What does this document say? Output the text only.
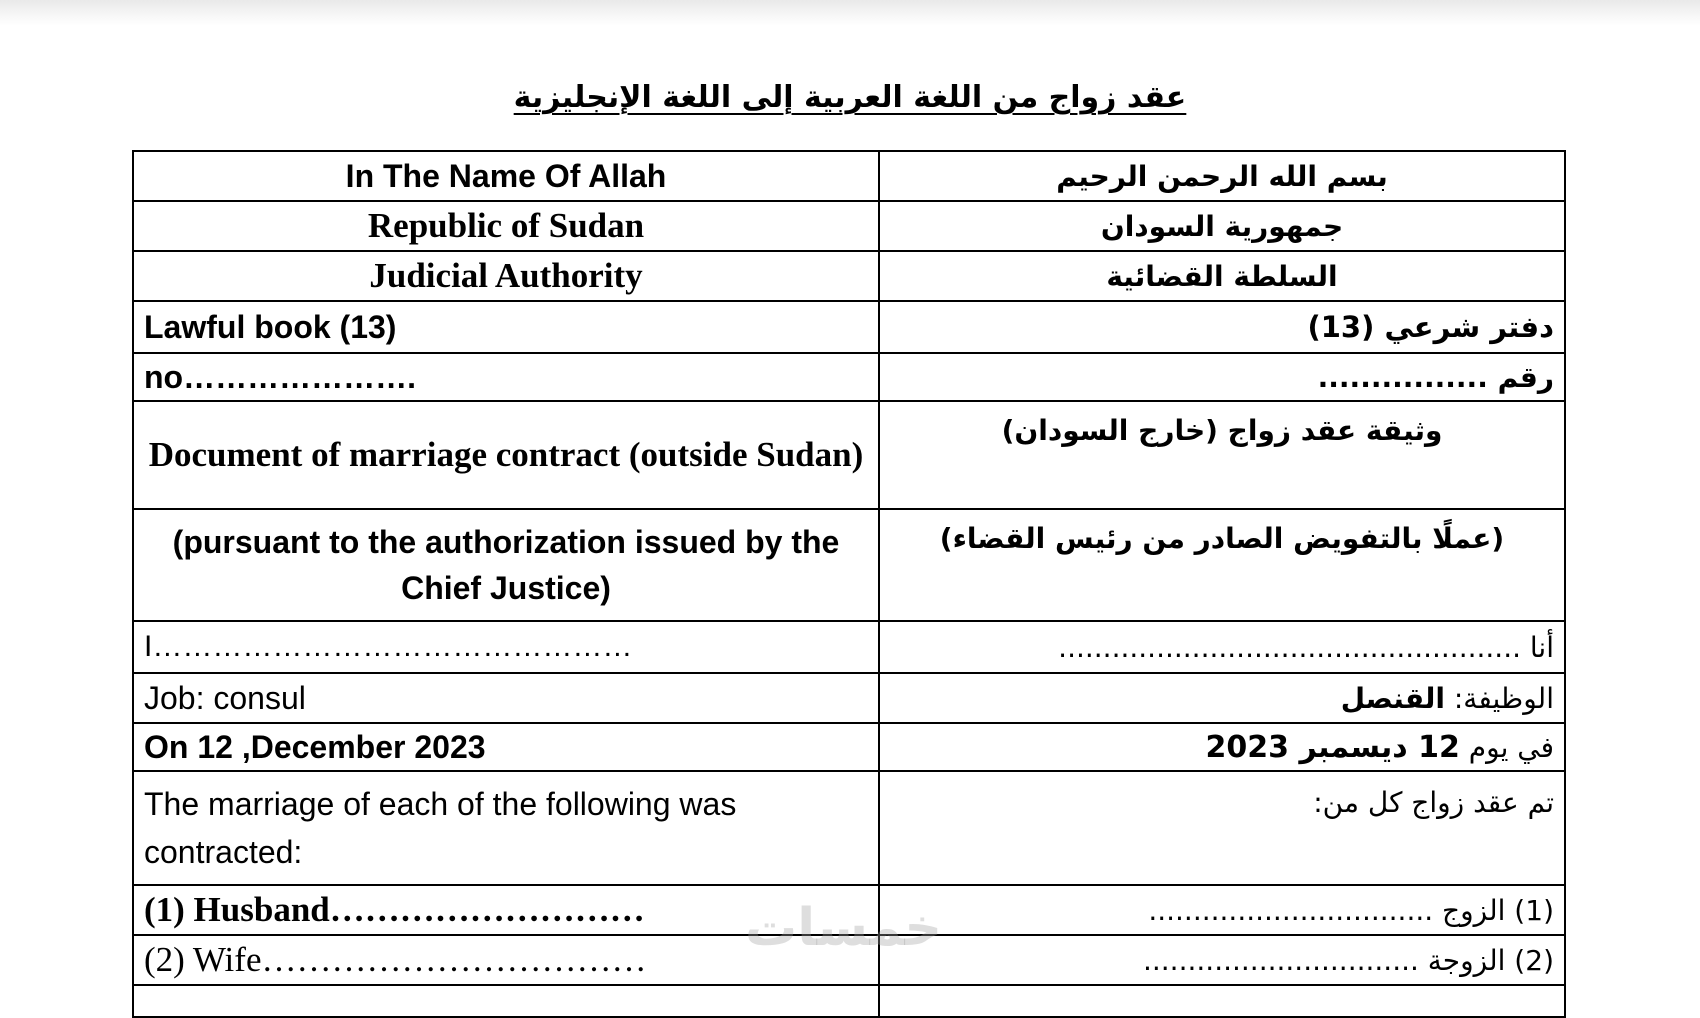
عقد زواج من اللغة العربية إلى اللغة الإنجليزية
In The Name Of Allah	بسم الله الرحمن الرحيم
Republic of Sudan	جمهورية السودان
Judicial Authority	السلطة القضائية
Lawful book (13)	دفتر شرعي (13)
no………………….	رقم ................
Document of marriage contract (outside Sudan)	وثيقة عقد زواج (خارج السودان)
(pursuant to the authorization issued by the Chief Justice)	(عملًا بالتفويض الصادر من رئيس القضاء)
I…………………………………………	أنا ....................................................
Job: consul	الوظيفة: القنصل
On 12 ,December 2023	في يوم 12 ديسمبر 2023
The marriage of each of the following was contracted:	تم عقد زواج كل من:
(1) Husband………………………	(1) الزوج ................................
(2) Wife……………………………	(2) الزوجة ...............................

خمسات
